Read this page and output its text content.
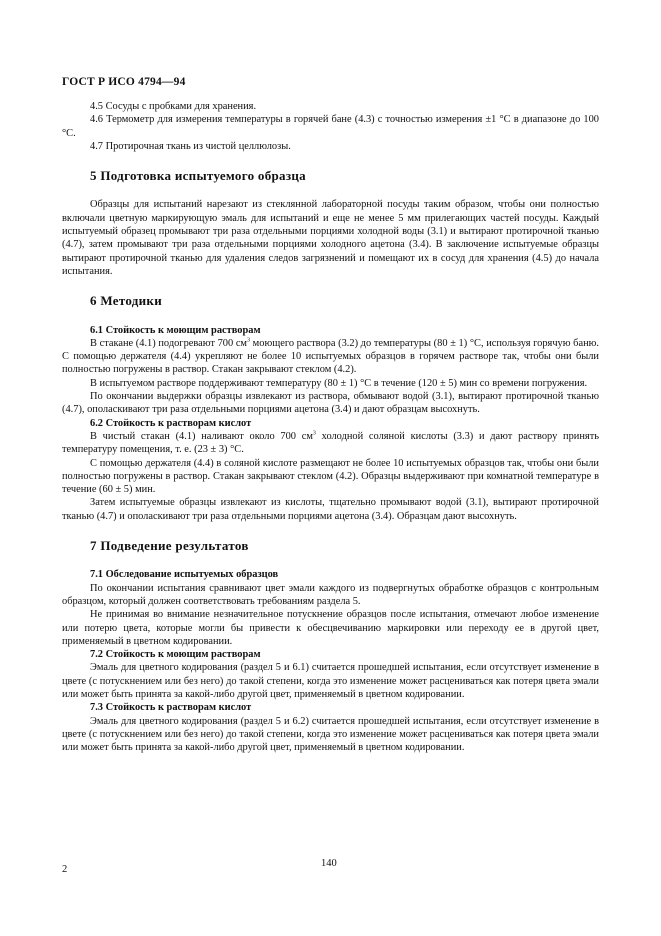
ГОСТ Р ИСО 4794—94

4.5 Сосуды с пробками для хранения.

4.6 Термометр для измерения температуры в горячей бане (4.3) с точностью измерения ±1 °С в диапазоне до 100 °С.

4.7 Протирочная ткань из чистой целлюлозы.

5 Подготовка испытуемого образца

Образцы для испытаний нарезают из стеклянной лабораторной посуды таким образом, чтобы они полностью включали цветную маркирующую эмаль для испытаний и еще не менее 5 мм прилегающих частей посуды. Каждый испытуемый образец промывают три раза отдельными порциями холодной воды (3.1) и вытирают протирочной тканью (4.7), затем промывают три раза отдельными порциями холодного ацетона (3.4). В заключение испытуемые образцы вытирают протирочной тканью для удаления следов загрязнений и помещают их в сосуд для хранения (4.5) до начала испытания.

6 Методики
6.1 Стойкость к моющим растворам

В стакане (4.1) подогревают 700 $см^3$ моющего раствора (3.2) до температуры (80 ± 1) °С, используя горячую баню. С помощью держателя (4.4) укрепляют не более 10 испытуемых образцов в горячем растворе так, чтобы они были полностью погружены в раствор. Стакан закрывают стеклом (4.2).

В испытуемом растворе поддерживают температуру (80 ± 1) °С в течение (120 ± 5) мин со времени погружения.

По окончании выдержки образцы извлекают из раствора, обмывают водой (3.1), вытирают протирочной тканью (4.7), ополаскивают три раза отдельными порциями ацетона (3.4) и дают образцам высохнуть.

6.2 Стойкость к растворам кислот

В чистый стакан (4.1) наливают около 700 $см^3$ холодной соляной кислоты (3.3) и дают раствору принять температуру помещения, т. е. (23 ± 3) °С.

С помощью держателя (4.4) в соляной кислоте размещают не более 10 испытуемых образцов так, чтобы они были полностью погружены в раствор. Стакан закрывают стеклом (4.2). Образцы выдерживают при комнатной температуре в течение (60 ± 5) мин.

Затем испытуемые образцы извлекают из кислоты, тщательно промывают водой (3.1), вытирают протирочной тканью (4.7) и ополаскивают три раза отдельными порциями ацетона (3.4). Образцам дают высохнуть.

7 Подведение результатов
7.1 Обследование испытуемых образцов

По окончании испытания сравнивают цвет эмали каждого из подвергнутых обработке образцов с контрольным образцом, который должен соответствовать требованиям раздела 5.

Не принимая во внимание незначительное потускнение образцов после испытания, отмечают любое изменение или потерю цвета, которые могли бы привести к обесцвечиванию маркировки или переходу ее в другой цвет, применяемый в цветном кодировании.

7.2 Стойкость к моющим растворам

Эмаль для цветного кодирования (раздел 5 и 6.1) считается прошедшей испытания, если отсутствует изменение в цвете (с потускнением или без него) до такой степени, когда это изменение может расцениваться как потеря цвета эмали или может быть принята за какой-либо другой цвет, применяемый в цветном кодировании.

7.3 Стойкость к растворам кислот

Эмаль для цветного кодирования (раздел 5 и 6.2) считается прошедшей испытания, если отсутствует изменение в цвете (с потускнением или без него) до такой степени, когда это изменение может расцениваться как потеря цвета эмали или может быть принята за какой-либо другой цвет, применяемый в цветном кодировании.

2
140
